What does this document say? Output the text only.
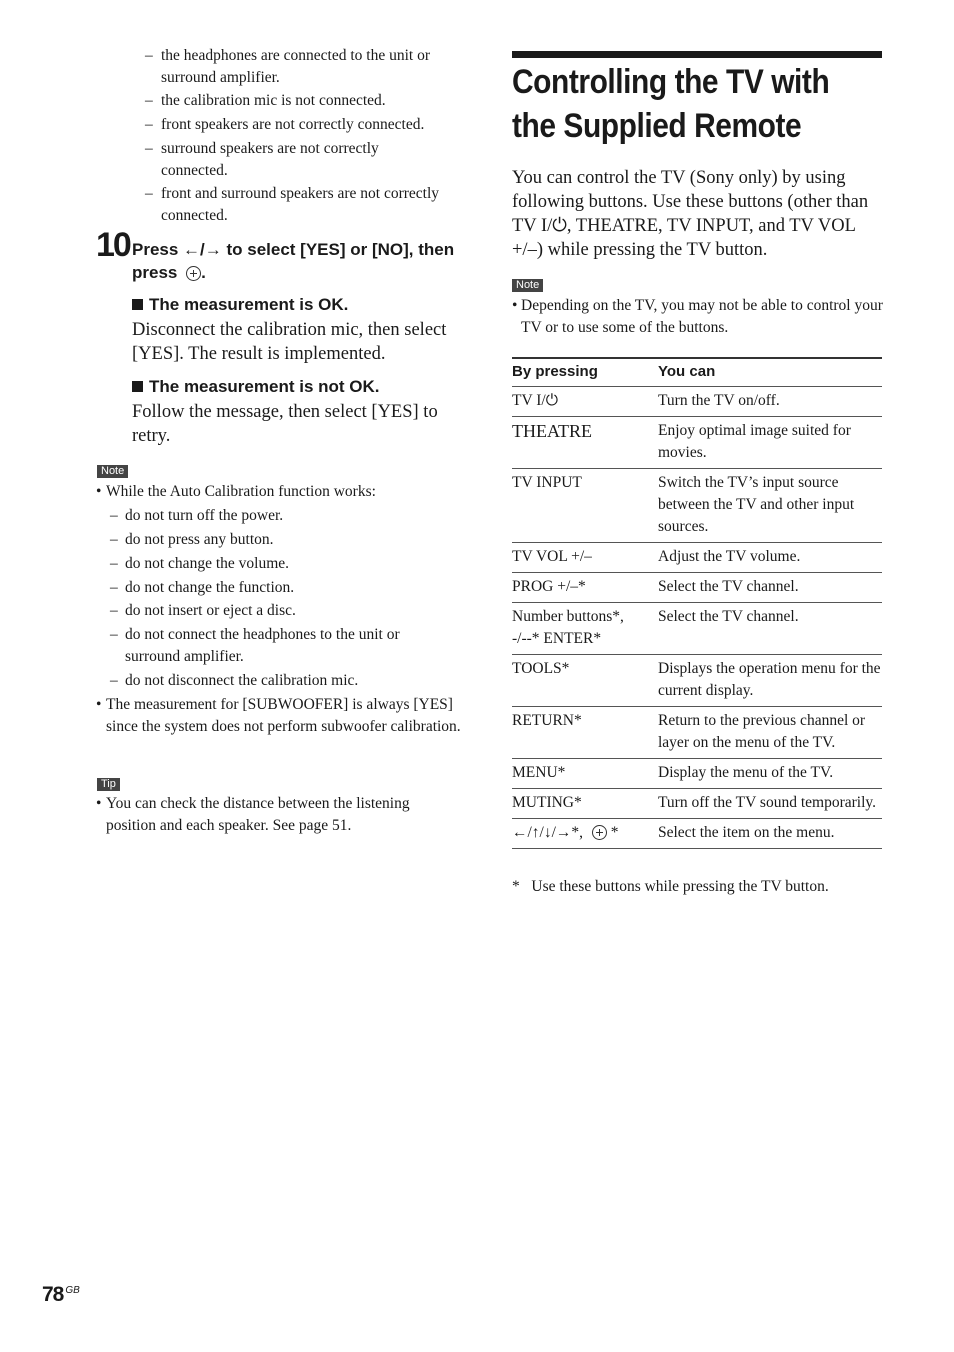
– the headphones are connected to the unit or surround amplifier.
– the calibration mic is not connected.
– front speakers are not correctly connected.
– surround speakers are not correctly connected.
– front and surround speakers are not correctly connected.
10 Press ←/→ to select [YES] or [NO], then
press .
The measurement is OK.
Disconnect the calibration mic, then select [YES]. The result is implemented.
The measurement is not OK.
Follow the message, then select [YES] to retry.
Note
• While the Auto Calibration function works:
– do not turn off the power.
– do not press any button.
– do not change the volume.
– do not change the function.
– do not insert or eject a disc.
– do not connect the headphones to the unit or surround amplifier.
– do not disconnect the calibration mic.
• The measurement for [SUBWOOFER] is always [YES] since the system does not perform subwoofer calibration.
Tip
• You can check the distance between the listening position and each speaker. See page 51.
Controlling the TV with
the Supplied Remote
You can control the TV (Sony only) by using following buttons. Use these buttons (other than TV I/⏻, THEATRE, TV INPUT, and TV VOL +/–) while pressing the TV button.
Note
• Depending on the TV, you may not be able to control your TV or to use some of the buttons.
By pressing	You can
TV I/⏻	Turn the TV on/off.
THEATRE	Enjoy optimal image suited for movies.
TV INPUT	Switch the TV’s input source between the TV and other input sources.
TV VOL +/–	Adjust the TV volume.
PROG +/–*	Select the TV channel.
Number buttons*, -/--* ENTER*	Select the TV channel.
TOOLS*	Displays the operation menu for the current display.
RETURN*	Return to the previous channel or layer on the menu of the TV.
MENU*	Display the menu of the TV.
MUTING*	Turn off the TV sound temporarily.
←/↑/↓/→*, *	Select the item on the menu.
*   Use these buttons while pressing the TV button.
78 $^{GB}$
